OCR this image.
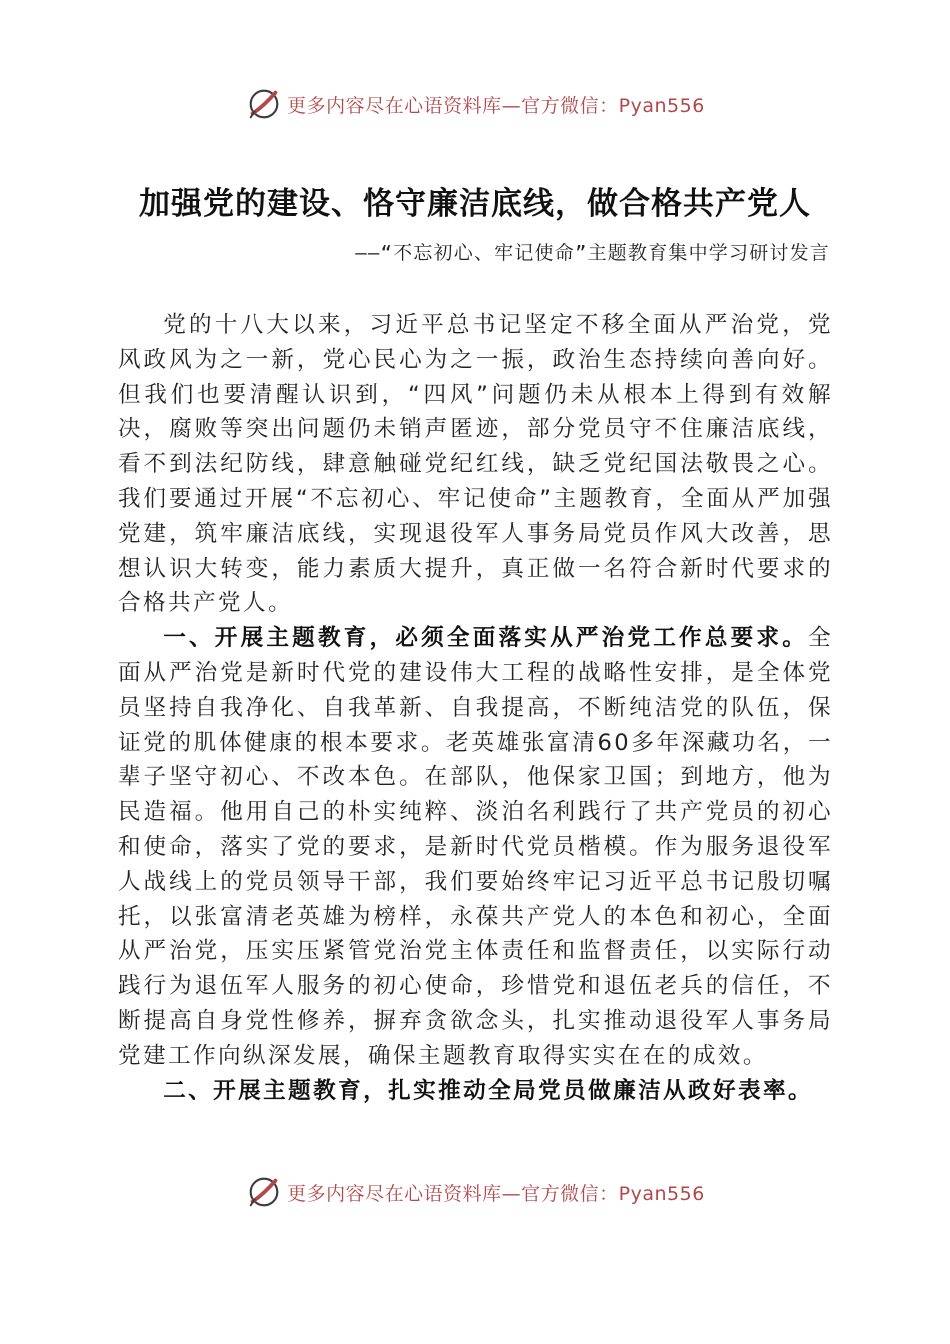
更多内容尽在心语资料库—官方微信：Pyan556
加强党的建设、恪守廉洁底线，做合格共产党人
——“不忘初心、牢记使命”主题教育集中学习研讨发言

党的十八大以来，习近平总书记坚定不移全面从严治党，党风政风为之一新，党心民心为之一振，政治生态持续向善向好。但我们也要清醒认识到，“四风”问题仍未从根本上得到有效解决，腐败等突出问题仍未销声匿迹，部分党员守不住廉洁底线，看不到法纪防线，肆意触碰党纪红线，缺乏党纪国法敬畏之心。我们要通过开展“不忘初心、牢记使命”主题教育，全面从严加强党建，筑牢廉洁底线，实现退役军人事务局党员作风大改善，思想认识大转变，能力素质大提升，真正做一名符合新时代要求的合格共产党人。

一、开展主题教育，必须全面落实从严治党工作总要求。全面从严治党是新时代党的建设伟大工程的战略性安排，是全体党员坚持自我净化、自我革新、自我提高，不断纯洁党的队伍，保证党的肌体健康的根本要求。老英雄张富清60多年深藏功名，一辈子坚守初心、不改本色。在部队，他保家卫国；到地方，他为民造福。他用自己的朴实纯粹、淡泊名利践行了共产党员的初心和使命，落实了党的要求，是新时代党员楷模。作为服务退役军人战线上的党员领导干部，我们要始终牢记习近平总书记殷切嘱托，以张富清老英雄为榜样，永葆共产党人的本色和初心，全面从严治党，压实压紧管党治党主体责任和监督责任，以实际行动践行为退伍军人服务的初心使命，珍惜党和退伍老兵的信任，不断提高自身党性修养，摒弃贪欲念头，扎实推动退役军人事务局党建工作向纵深发展，确保主题教育取得实实在在的成效。

二、开展主题教育，扎实推动全局党员做廉洁从政好表率。

更多内容尽在心语资料库—官方微信：Pyan556
